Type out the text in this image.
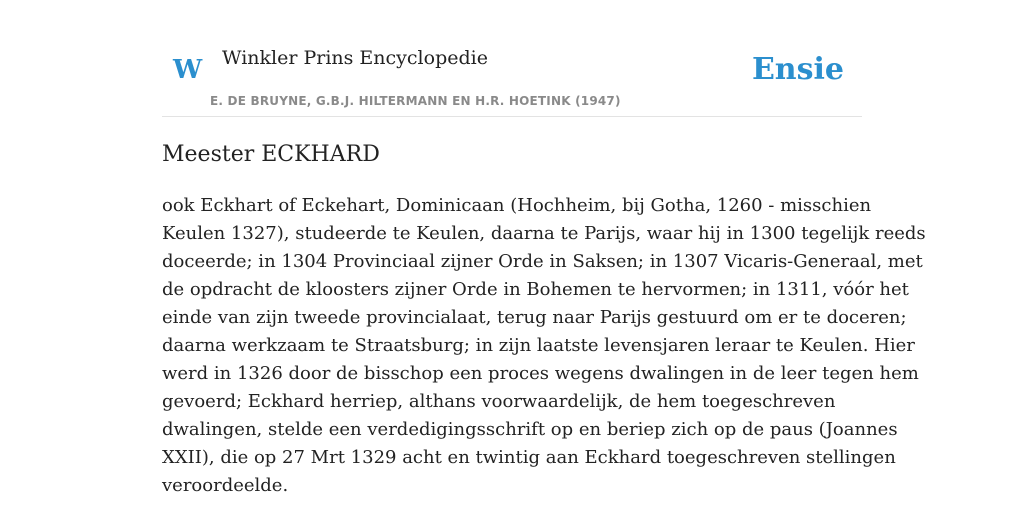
W Winkler Prins Encyclopedie
E. DE BRUYNE, G.B.J. HILTERMANN EN H.R. HOETINK (1947)
Ensie
Meester ECKHARD

ook Eckhart of Eckehart, Dominicaan (Hochheim, bij Gotha, 1260 - misschien
Keulen 1327), studeerde te Keulen, daarna te Parijs, waar hij in 1300 tegelijk reeds
doceerde; in 1304 Provinciaal zijner Orde in Saksen; in 1307 Vicaris-Generaal, met
de opdracht de kloosters zijner Orde in Bohemen te hervormen; in 1311, vóór het
einde van zijn tweede provincialaat, terug naar Parijs gestuurd om er te doceren;
daarna werkzaam te Straatsburg; in zijn laatste levensjaren leraar te Keulen. Hier
werd in 1326 door de bisschop een proces wegens dwalingen in de leer tegen hem
gevoerd; Eckhard herriep, althans voorwaardelijk, de hem toegeschreven
dwalingen, stelde een verdedigingsschrift op en beriep zich op de paus (Joannes
XXII), die op 27 Mrt 1329 acht en twintig aan Eckhard toegeschreven stellingen
veroordeelde.
